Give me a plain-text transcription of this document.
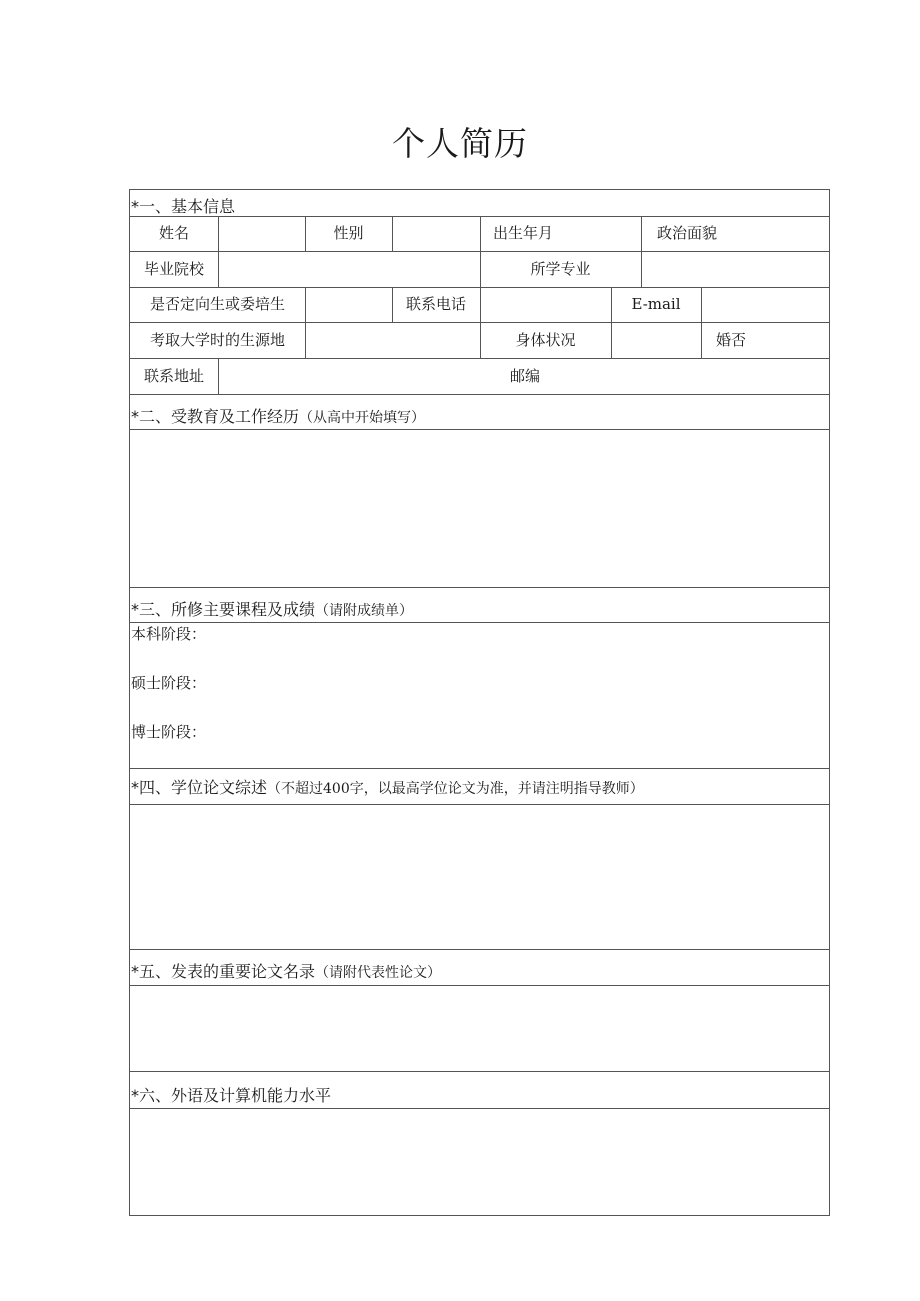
个人简历
*一、基本信息
姓名	性别	出生年月	政治面貌
毕业院校	所学专业
是否定向生或委培生	联系电话	E-mail
考取大学时的生源地	身体状况	婚否
联系地址	邮编
*二、受教育及工作经历（从高中开始填写）
*三、所修主要课程及成绩（请附成绩单）
本科阶段：
硕士阶段：
博士阶段：
*四、学位论文综述（不超过400字，以最高学位论文为准，并请注明指导教师）
*五、发表的重要论文名录（请附代表性论文）
*六、外语及计算机能力水平
